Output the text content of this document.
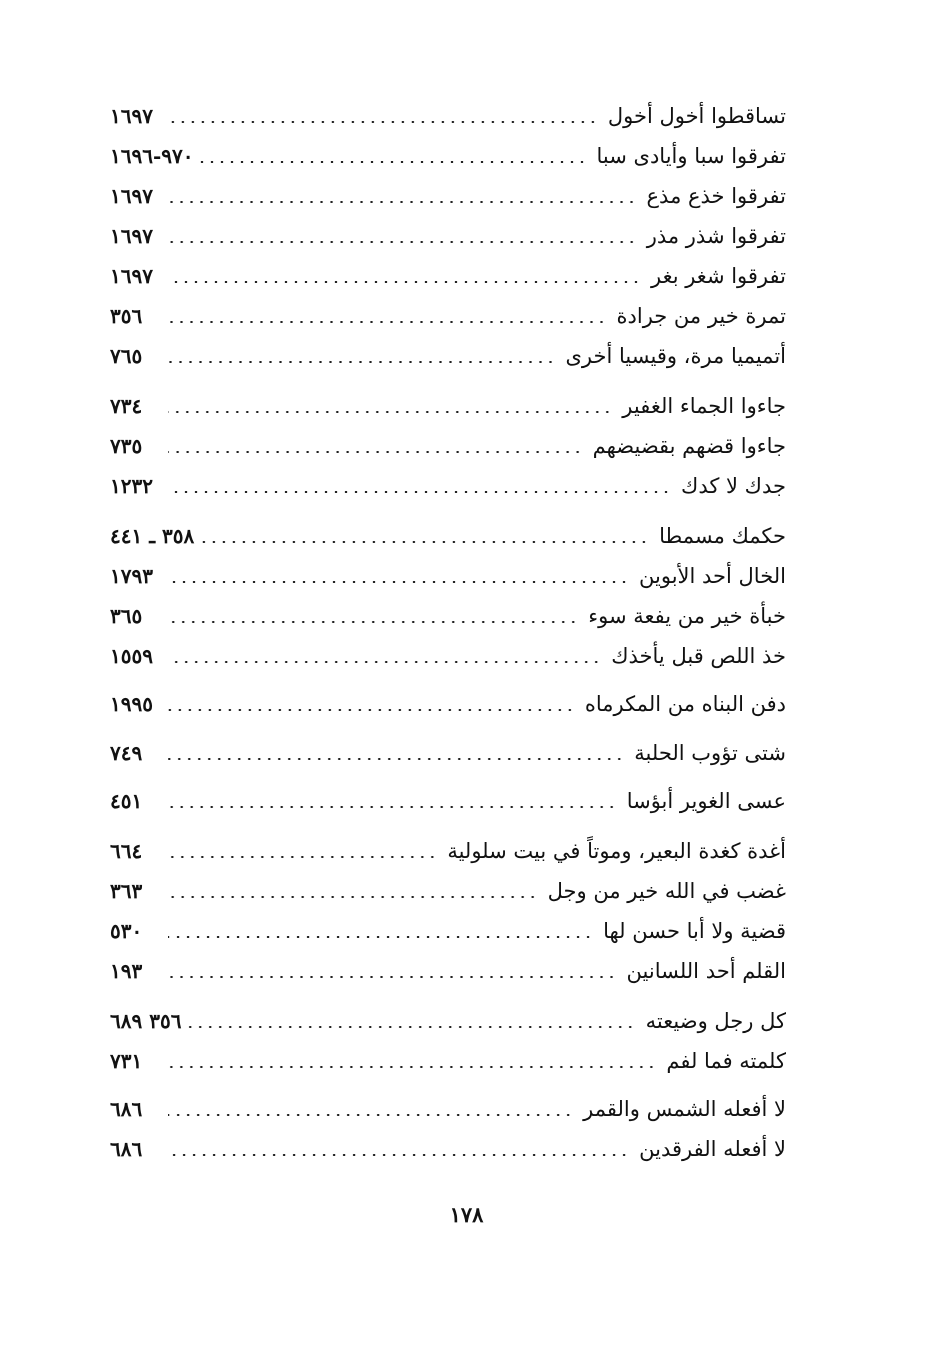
تساقطوا أخول أخول
١٦٩٧
تفرقوا سبا وأيادى سبا
٩٧٠-١٦٩٦
تفرقوا خذع مذع
١٦٩٧
تفرقوا شذر مذر
١٦٩٧
تفرقوا شغر بغر
١٦٩٧
تمرة خير من جرادة
٣٥٦
أتميميا مرة، وقيسيا أخرى
٧٦٥
جاءوا الجماء الغفير
٧٣٤
جاءوا قضهم بقضيضهم
٧٣٥
جدك لا كدك
١٢٣٢
حكمك مسمطا
٣٥٨ ـ ٤٤١
الخال أحد الأبوين
١٧٩٣
خبأة خير من يفعة سوء
٣٦٥
خذ اللص قبل يأخذك
١٥٥٩
دفن البناه من المكرماه
١٩٩٥
شتى تؤوب الحلبة
٧٤٩
عسى الغوير أبؤسا
٤٥١
أغدة كغدة البعير، وموتاً في بيت سلولية
٦٦٤
غضب في الله خير من وجل
٣٦٣
قضية ولا أبا حسن لها
٥٣٠
القلم أحد اللسانين
١٩٣
كل رجل وضيعته
٣٥٦ ٦٨٩
كلمته فما لفم
٧٣١
لا أفعله الشمس والقمر
٦٨٦
لا أفعله الفرقدين
٦٨٦
١٧٨
